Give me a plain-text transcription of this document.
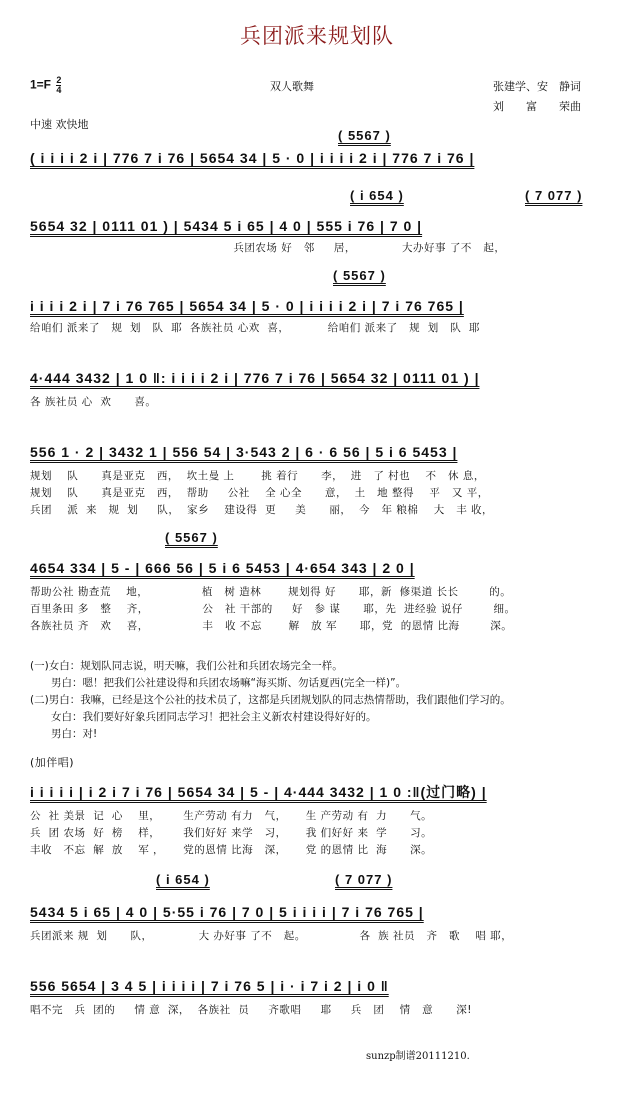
兵团派来规划队
$1=F \frac{2}{4}$	双人歌舞	张建学、安　静词
刘　　富　　荣曲
中速 欢快地
( 5567 )
( i i i i 2 i | 776 7 i 76 | 5654 34 | 5 · 0 | i i i i 2 i | 776 7 i 76 |
( i 654 )	( 7 077 )
5654 32 | 0111 01 ) | 5434 5 i 65 | 4 0 | 555 i 76 | 7 0 |
兵团农场 好   邻     居，            大办好事 了不   起，
( 5567 )
i i i i 2 i | 7 i 76 765 | 5654 34 | 5 · 0 | i i i i 2 i | 7 i 76 765 |
给咱们 派来了   规  划   队  耶  各族社员 心欢  喜，          给咱们 派来了   规  划   队  耶
4·444 3432 | 1 0 ‖: i i i i 2 i | 776 7 i 76 | 5654 32 | 0111 01 ) |
各 族社员 心  欢      喜。
556 1 · 2 | 3432 1 | 556 54 | 3·543 2 | 6 · 6 56 | 5 i 6 5453 |
规划    队      真是亚克   西，  坎土曼 上       挑 着行      李，  进   了 村也    不   休 息，
规划    队      真是亚克   西，  帮助     公社    全 心全      意，  土   地 整得    平   又 平，
兵团    派  来   规  划     队，  家乡    建设得  更     美      丽，  今   年 粮棉    大   丰 收，
( 5567 )
4654 334 | 5 - | 666 56 | 5 i 6 5453 | 4·654 343 | 2 0 |
帮助公社 勘查荒    地，              植   树 造林       规划得 好      耶，新  修渠道 长长        的。
百里条田 多   整    齐，              公   社 干部的     好   参 谋      耶，先  进经验 说仔        细。
各族社员 齐   欢    喜，              丰   收 不忘       解   放 军      耶，党  的恩情 比海        深。
(一)女白：规划队同志说，明天嘛，我们公社和兵团农场完全一样。
　　男白：嗯！把我们公社建设得和兵团农场嘛“海买斯、勿话夏西(完全一样)”。
(二)男白：我嘛，已经是这个公社的技术员了，这都是兵团规划队的同志热情帮助，我们跟他们学习的。
　　女白：我们要好好象兵团同志学习！把社会主义新农村建设得好好的。
　　男白：对!
(加伴唱)
i i i i i | i 2 i 7 i 76 | 5654 34 | 5 - | 4·444 3432 | 1 0 :‖(过门略) |
公  社 美景  记  心    里，      生产劳动 有力   气，     生 产劳动 有  力      气。
兵  团 农场  好  榜    样，      我们好好 来学   习，     我 们好好 来  学      习。
丰收   不忘  解  放    军 ，     党的恩情 比海   深，     党 的恩情 比  海      深。
( i 654 )	( 7 077 )
5434 5 i 65 | 4 0 | 5·55 i 76 | 7 0 | 5 i i i i | 7 i 76 765 |
兵团派来 规  划      队，            大 办好事 了不   起。              各  族 社员   齐   歌    唱 耶，
556 5654 | 3 4 5 | i i i i | 7 i 76 5 | i · i 7 i 2 | i 0 ‖
唱不完   兵  团的     情 意  深，  各族社  员     齐歌唱     耶     兵   团    情   意      深!
sunzp制谱20111210.
